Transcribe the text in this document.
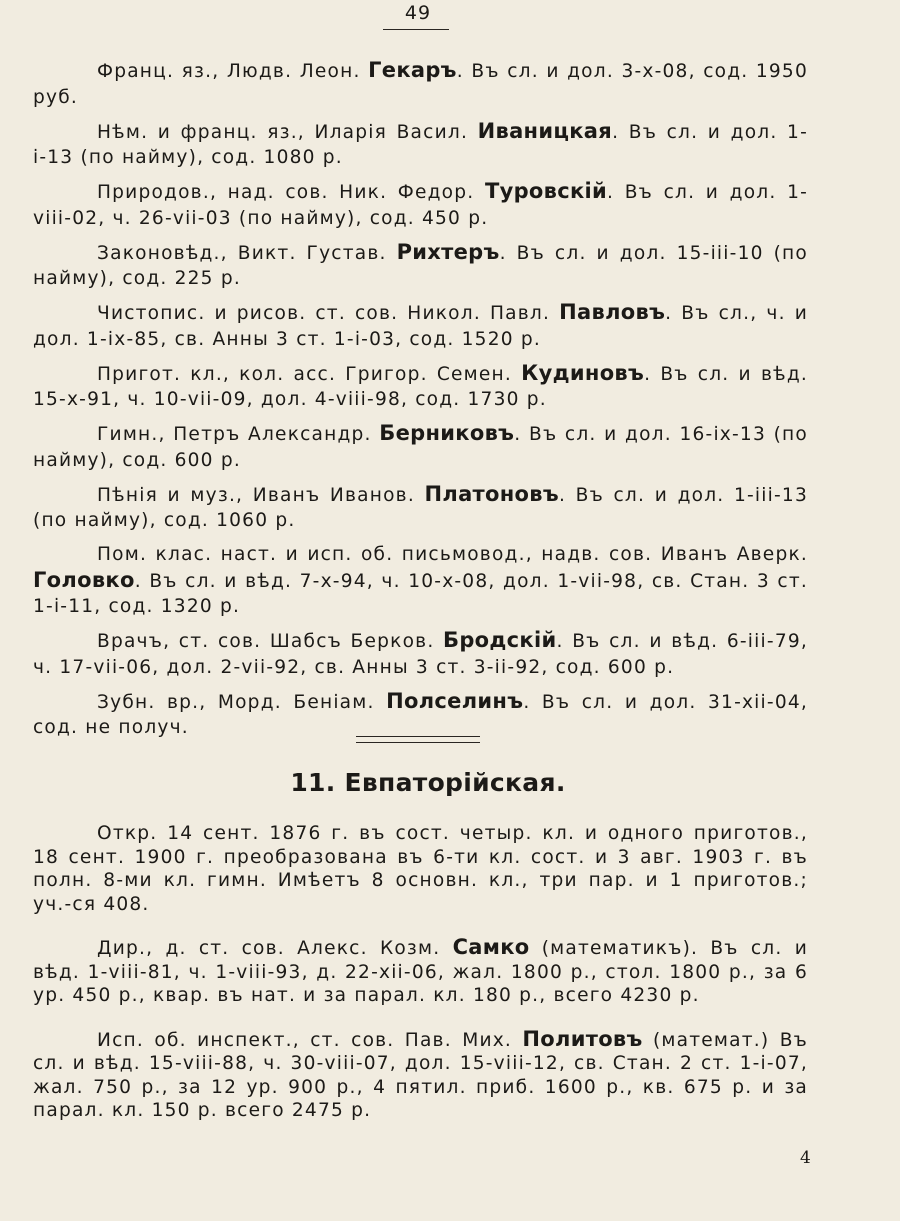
49

Франц. яз., Людв. Леон. Гекаръ. Въ сл. и дол. 3-х-08, сод. 1950 руб.

Нѣм. и франц. яз., Иларія Васил. Иваницкая. Въ сл. и дол. 1-і-13 (по найму), сод. 1080 р.

Природов., над. сов. Ник. Федор. Туровскій. Въ сл. и дол. 1-viii-02, ч. 26-vii-03 (по найму), сод. 450 р.

Законовѣд., Викт. Густав. Рихтеръ. Въ сл. и дол. 15-iii-10 (по найму), сод. 225 р.

Чистопис. и рисов. ст. сов. Никол. Павл. Павловъ. Въ сл., ч. и дол. 1-іх-85, св. Анны 3 ст. 1-і-03, сод. 1520 р.

Пригот. кл., кол. асс. Григор. Семен. Кудиновъ. Въ сл. и вѣд. 15-х-91, ч. 10-vii-09, дол. 4-viii-98, сод. 1730 р.

Гимн., Петръ Александр. Берниковъ. Въ сл. и дол. 16-іх-13 (по найму), сод. 600 р.

Пѣнія и муз., Иванъ Иванов. Платоновъ. Въ сл. и дол. 1-iii-13 (по найму), сод. 1060 р.

Пом. клас. наст. и исп. об. письмовод., надв. сов. Иванъ Аверк. Головко. Въ сл. и вѣд. 7-х-94, ч. 10-х-08, дол. 1-vii-98, св. Стан. 3 ст. 1-і-11, сод. 1320 р.

Врачъ, ст. сов. Шабсъ Берков. Бродскій. Въ сл. и вѣд. 6-iii-79, ч. 17-vii-06, дол. 2-vii-92, св. Анны 3 ст. 3-ii-92, сод. 600 р.

Зубн. вр., Морд. Беніам. Полселинъ. Въ сл. и дол. 31-хіі-04, сод. не получ.

11. Евпаторійская.

Откр. 14 сент. 1876 г. въ сост. четыр. кл. и одного приготов., 18 сент. 1900 г. преобразована въ 6-ти кл. сост. и 3 авг. 1903 г. въ полн. 8-ми кл. гимн. Имѣетъ 8 основн. кл., три пар. и 1 приготов.; уч.-ся 408.

Дир., д. ст. сов. Алекс. Козм. Самко (математикъ). Въ сл. и вѣд. 1-viii-81, ч. 1-viii-93, д. 22-хіі-06, жал. 1800 р., стол. 1800 р., за 6 ур. 450 р., квар. въ нат. и за парал. кл. 180 р., всего 4230 р.

Исп. об. инспект., ст. сов. Пав. Мих. Политовъ (математ.) Въ сл. и вѣд. 15-viii-88, ч. 30-viii-07, дол. 15-viii-12, св. Стан. 2 ст. 1-і-07, жал. 750 р., за 12 ур. 900 р., 4 пятил. приб. 1600 р., кв. 675 р. и за парал. кл. 150 р. всего 2475 р.

4
